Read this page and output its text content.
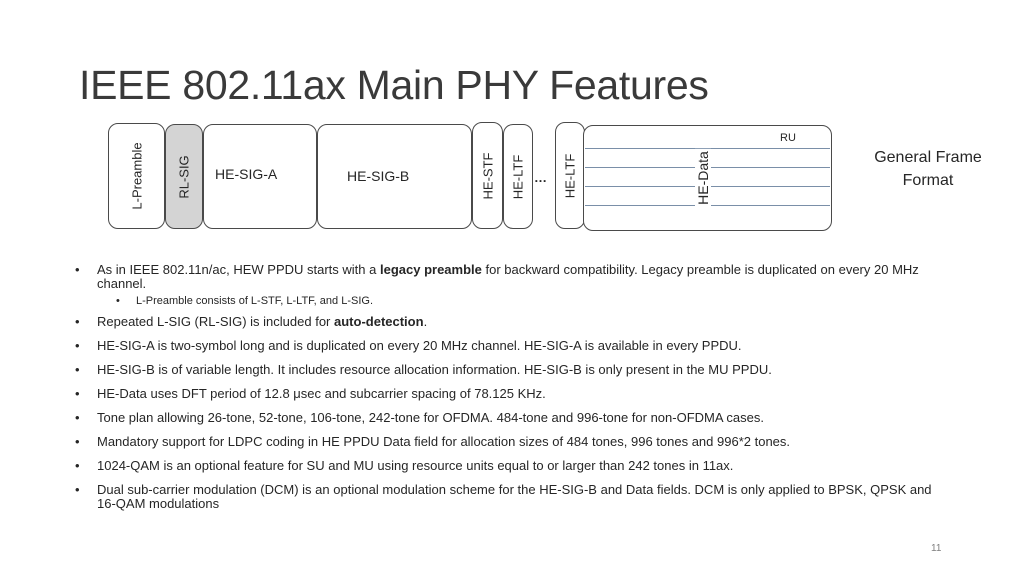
IEEE 802.11ax Main PHY Features
L-Preamble	RL-SIG HE-SIG-A	HE-SIG-B	HE-STF HE-LTF … HE-LTF
RU
HE-Data	General Frame
Format
• As in IEEE 802.11n/ac, HEW PPDU starts with a legacy preamble for backward compatibility. Legacy preamble is duplicated on every 20 MHz channel.
• L-Preamble consists of L-STF, L-LTF, and L-SIG.
• Repeated L-SIG (RL-SIG) is included for auto-detection.
• HE-SIG-A is two-symbol long and is duplicated on every 20 MHz channel. HE-SIG-A is available in every PPDU.
• HE-SIG-B is of variable length. It includes resource allocation information. HE-SIG-B is only present in the MU PPDU.
• HE-Data uses DFT period of 12.8 μsec and subcarrier spacing of 78.125 KHz.
• Tone plan allowing 26-tone, 52-tone, 106-tone, 242-tone for OFDMA. 484-tone and 996-tone for non-OFDMA cases.
• Mandatory support for LDPC coding in HE PPDU Data field for allocation sizes of 484 tones, 996 tones and 996*2 tones.
• 1024-QAM is an optional feature for SU and MU using resource units equal to or larger than 242 tones in 11ax.
• Dual sub-carrier modulation (DCM) is an optional modulation scheme for the HE-SIG-B and Data fields. DCM is only applied to BPSK, QPSK and 16-QAM modulations
11
